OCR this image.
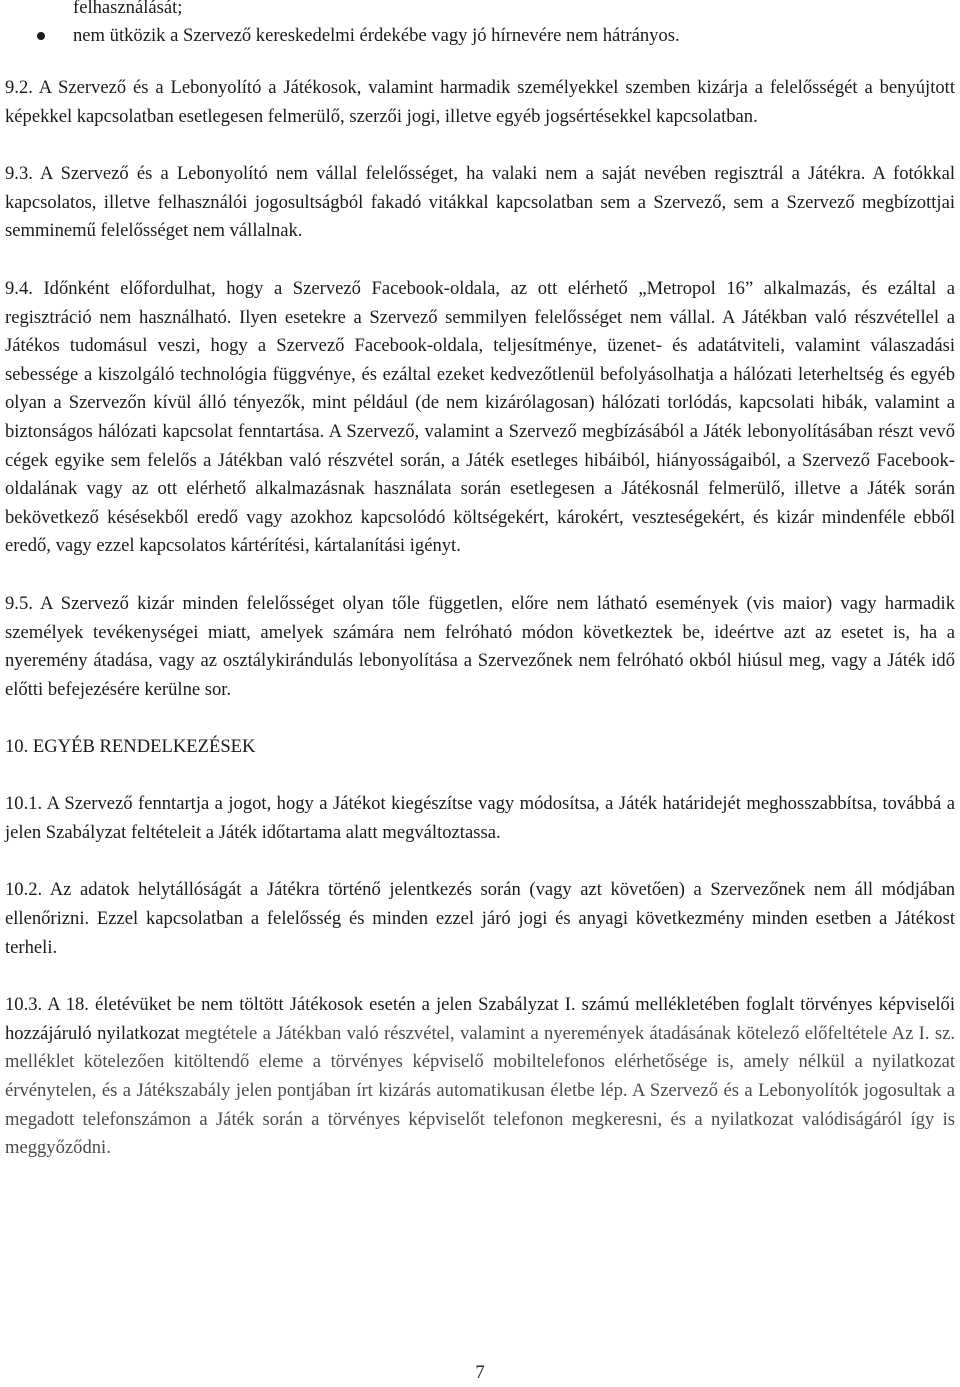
felhasználását;
nem ütközik a Szervező kereskedelmi érdekébe vagy jó hírnevére nem hátrányos.

9.2. A Szervező és a Lebonyolító a Játékosok, valamint harmadik személyekkel szemben kizárja a felelősségét a benyújtott képekkel kapcsolatban esetlegesen felmerülő, szerzői jogi, illetve egyéb jogsértésekkel kapcsolatban.

9.3. A Szervező és a Lebonyolító nem vállal felelősséget, ha valaki nem a saját nevében regisztrál a Játékra. A fotókkal kapcsolatos, illetve felhasználói jogosultságból fakadó vitákkal kapcsolatban sem a Szervező, sem a Szervező megbízottjai semminemű felelősséget nem vállalnak.

9.4. Időnként előfordulhat, hogy a Szervező Facebook-oldala, az ott elérhető „Metropol 16” alkalmazás, és ezáltal a regisztráció nem használható. Ilyen esetekre a Szervező semmilyen felelősséget nem vállal. A Játékban való részvétellel a Játékos tudomásul veszi, hogy a Szervező Facebook-oldala, teljesítménye, üzenet- és adatátviteli, valamint válaszadási sebessége a kiszolgáló technológia függvénye, és ezáltal ezeket kedvezőtlenül befolyásolhatja a hálózati leterheltség és egyéb olyan a Szervezőn kívül álló tényezők, mint például (de nem kizárólagosan) hálózati torlódás, kapcsolati hibák, valamint a biztonságos hálózati kapcsolat fenntartása. A Szervező, valamint a Szervező megbízásából a Játék lebonyolításában részt vevő cégek egyike sem felelős a Játékban való részvétel során, a Játék esetleges hibáiból, hiányosságaiból, a Szervező Facebook-oldalának vagy az ott elérhető alkalmazásnak használata során esetlegesen a Játékosnál felmerülő, illetve a Játék során bekövetkező késésekből eredő vagy azokhoz kapcsolódó költségekért, károkért, veszteségekért, és kizár mindenféle ebből eredő, vagy ezzel kapcsolatos kártérítési, kártalanítási igényt.

9.5. A Szervező kizár minden felelősséget olyan tőle független, előre nem látható események (vis maior) vagy harmadik személyek tevékenységei miatt, amelyek számára nem felróható módon következtek be, ideértve azt az esetet is, ha a nyeremény átadása, vagy az osztálykirándulás lebonyolítása a Szervezőnek nem felróható okból hiúsul meg, vagy a Játék idő előtti befejezésére kerülne sor.

10. EGYÉB RENDELKEZÉSEK

10.1. A Szervező fenntartja a jogot, hogy a Játékot kiegészítse vagy módosítsa, a Játék határidejét meghosszabbítsa, továbbá a jelen Szabályzat feltételeit a Játék időtartama alatt megváltoztassa.

10.2. Az adatok helytállóságát a Játékra történő jelentkezés során (vagy azt követően) a Szervezőnek nem áll módjában ellenőrizni. Ezzel kapcsolatban a felelősség és minden ezzel járó jogi és anyagi következmény minden esetben a Játékost terheli.

10.3. A 18. életévüket be nem töltött Játékosok esetén a jelen Szabályzat I. számú mellékletében foglalt törvényes képviselői hozzájáruló nyilatkozat megtétele a Játékban való részvétel, valamint a nyeremények átadásának kötelező előfeltétele Az I. sz. melléklet kötelezően kitöltendő eleme a törvényes képviselő mobiltelefonos elérhetősége is, amely nélkül a nyilatkozat érvénytelen, és a Játékszabály jelen pontjában írt kizárás automatikusan életbe lép. A Szervező és a Lebonyolítók jogosultak a megadott telefonszámon a Játék során a törvényes képviselőt telefonon megkeresni, és a nyilatkozat valódiságáról így is meggyőződni.

7
